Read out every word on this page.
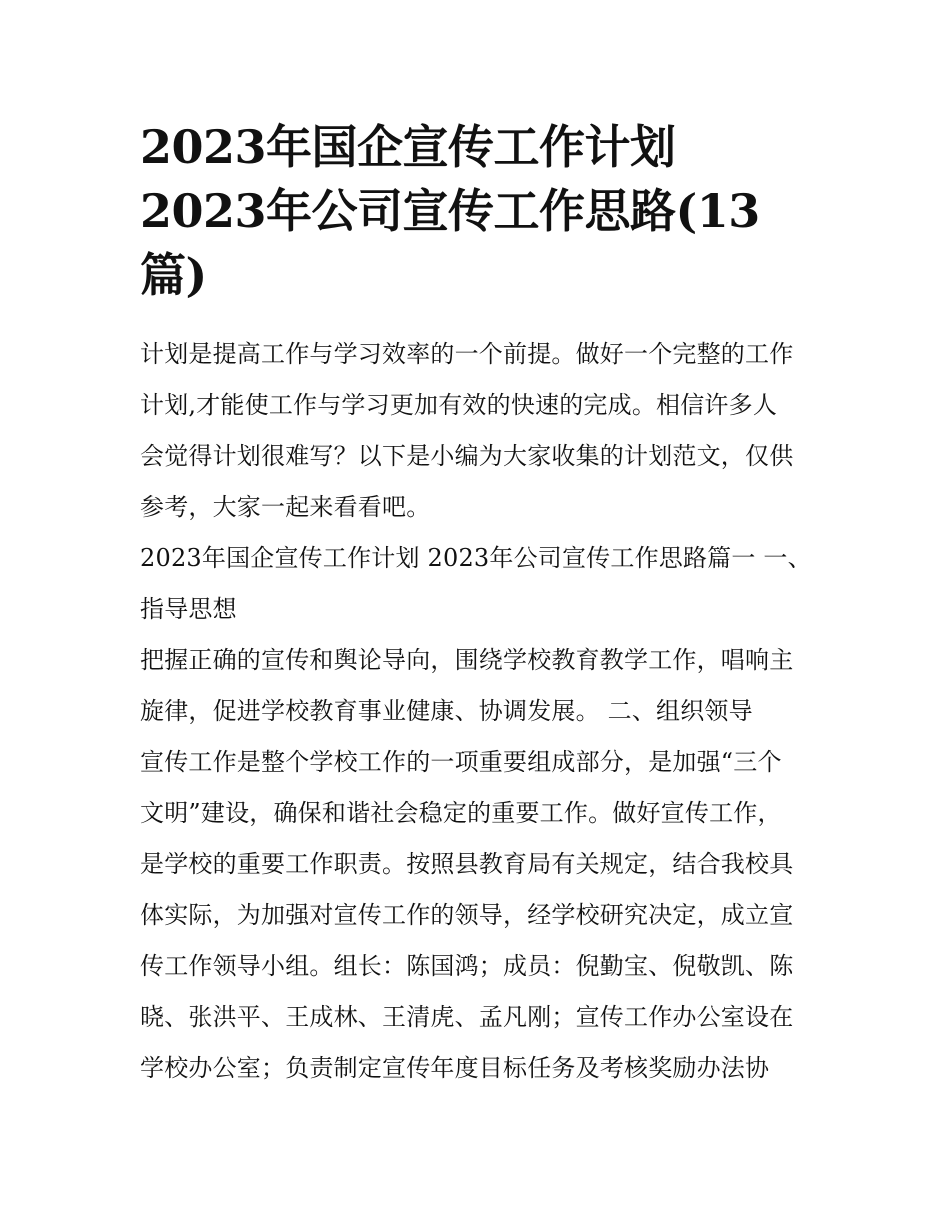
2023年国企宣传工作计划
2023年公司宣传工作思路(13
篇)
计划是提高工作与学习效率的一个前提。做好一个完整的工作
计划,才能使工作与学习更加有效的快速的完成。相信许多人
会觉得计划很难写？以下是小编为大家收集的计划范文，仅供
参考，大家一起来看看吧。
2023年国企宣传工作计划 2023年公司宣传工作思路篇一 一、
指导思想
把握正确的宣传和舆论导向，围绕学校教育教学工作，唱响主
旋律，促进学校教育事业健康、协调发展。 二、组织领导
宣传工作是整个学校工作的一项重要组成部分，是加强“三个
文明”建设，确保和谐社会稳定的重要工作。做好宣传工作，
是学校的重要工作职责。按照县教育局有关规定，结合我校具
体实际，为加强对宣传工作的领导，经学校研究决定，成立宣
传工作领导小组。组长：陈国鸿；成员：倪勤宝、倪敬凯、陈
晓、张洪平、王成林、王清虎、孟凡刚；宣传工作办公室设在
学校办公室；负责制定宣传年度目标任务及考核奖励办法协
